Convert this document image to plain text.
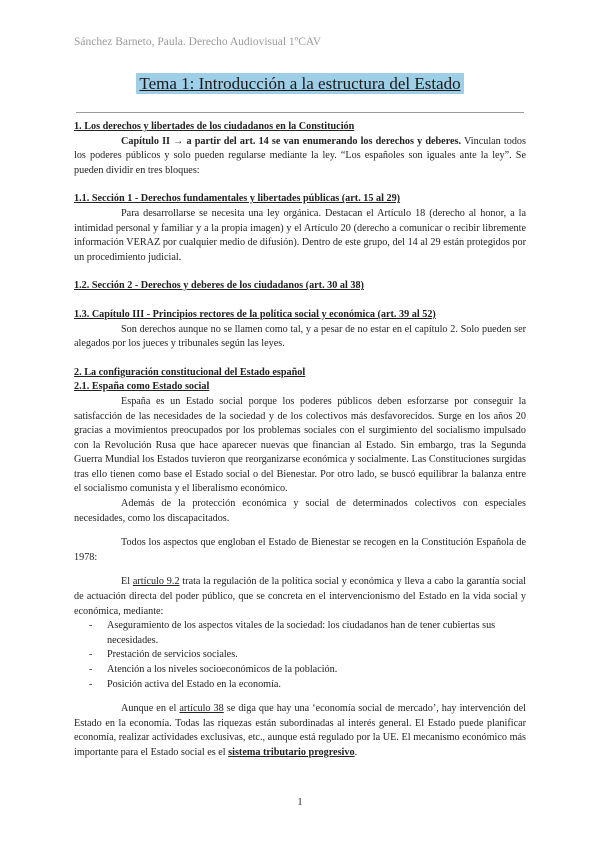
Sánchez Barneto, Paula. Derecho Audiovisual 1ºCAV
Tema 1: Introducción a la estructura del Estado

1. Los derechos y libertades de los ciudadanos en la Constitución

Capítulo II → a partir del art. 14 se van enumerando los derechos y deberes. Vinculan todos los poderes públicos y solo pueden regularse mediante la ley. “Los españoles son iguales ante la ley”. Se pueden dividir en tres bloques:

1.1. Sección 1 - Derechos fundamentales y libertades públicas (art. 15 al 29)

Para desarrollarse se necesita una ley orgánica. Destacan el Artículo 18 (derecho al honor, a la intimidad personal y familiar y a la propia imagen) y el Artículo 20 (derecho a comunicar o recibir libremente información VERAZ por cualquier medio de difusión). Dentro de este grupo, del 14 al 29 están protegidos por un procedimiento judicial.

1.2. Sección 2 - Derechos y deberes de los ciudadanos (art. 30 al 38)

1.3. Capítulo III - Principios rectores de la política social y económica (art. 39 al 52)

Son derechos aunque no se llamen como tal, y a pesar de no estar en el capítulo 2. Solo pueden ser alegados por los jueces y tribunales según las leyes.

2. La configuración constitucional del Estado español

2.1. España como Estado social

España es un Estado social porque los poderes públicos deben esforzarse por conseguir la satisfacción de las necesidades de la sociedad y de los colectivos más desfavorecidos. Surge en los años 20 gracias a movimientos preocupados por los problemas sociales con el surgimiento del socialismo impulsado con la Revolución Rusa que hace aparecer nuevas que financian al Estado. Sin embargo, tras la Segunda Guerra Mundial los Estados tuvieron que reorganizarse económica y socialmente. Las Constituciones surgidas tras ello tienen como base el Estado social o del Bienestar. Por otro lado, se buscó equilibrar la balanza entre el socialismo comunista y el liberalismo económico.

Además de la protección económica y social de determinados colectivos con especiales necesidades, como los discapacitados.

Todos los aspectos que engloban el Estado de Bienestar se recogen en la Constitución Española de 1978:

El artículo 9.2 trata la regulación de la política social y económica y lleva a cabo la garantía social de actuación directa del poder público, que se concreta en el intervencionismo del Estado en la vida social y económica, mediante:

- Aseguramiento de los aspectos vitales de la sociedad: los ciudadanos han de tener cubiertas sus necesidades.
- Prestación de servicios sociales.
- Atención a los niveles socioeconómicos de la población.
- Posición activa del Estado en la economía.

Aunque en el artículo 38 se diga que hay una ‘economía social de mercado’, hay intervención del Estado en la economía. Todas las riquezas están subordinadas al interés general. El Estado puede planificar economía, realizar actividades exclusivas, etc., aunque está regulado por la UE. El mecanismo económico más importante para el Estado social es el sistema tributario progresivo.

1
